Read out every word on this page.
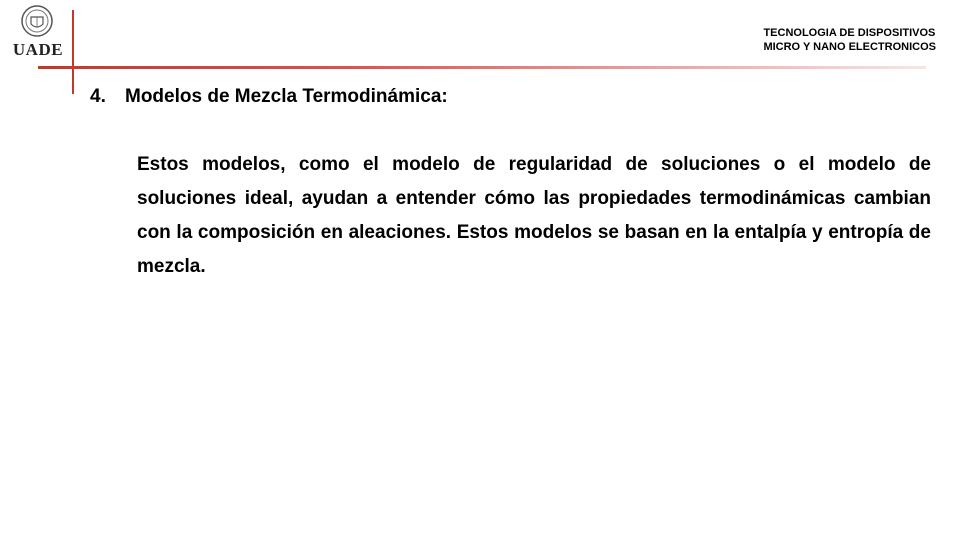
UADE
TECNOLOGIA DE DISPOSITIVOS
MICRO Y NANO ELECTRONICOS
4. Modelos de Mezcla Termodinámica:
Estos modelos, como el modelo de regularidad de soluciones o el modelo de soluciones ideal, ayudan a entender cómo las propiedades termodinámicas cambian con la composición en aleaciones. Estos modelos se basan en la entalpía y entropía de mezcla.
